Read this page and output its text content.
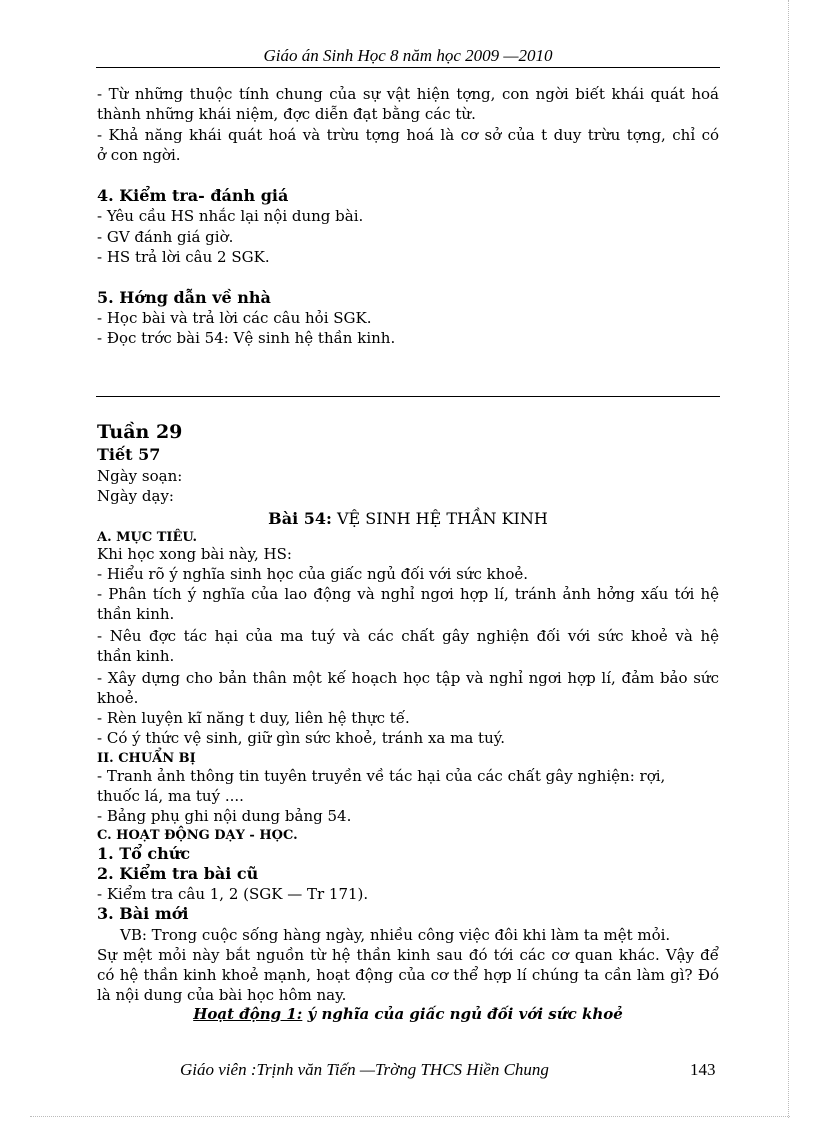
Giáo án Sinh Học 8 năm học 2009 —2010
- Từ những thuộc tính chung của sự vật hiện tợng, con ngời biết khái quát hoá
thành những khái niệm, đợc diễn đạt bằng các từ.
- Khả năng khái quát hoá và trừu tợng hoá là cơ sở của t duy trừu tợng, chỉ có
ở con ngời.
4. Kiểm tra- đánh giá
- Yêu cầu HS nhắc lại nội dung bài.
- GV đánh giá giờ.
- HS trả lời câu 2 SGK.
5. Hớng dẫn về nhà
- Học bài và trả lời các câu hỏi SGK.
- Đọc trớc bài 54: Vệ sinh hệ thần kinh.
Tuần 29
Tiết 57
Ngày soạn:
Ngày dạy:
Bài 54: VỆ SINH HỆ THẦN KINH
A. MỤC TIÊU.
Khi học xong bài này, HS:
- Hiểu rõ ý nghĩa sinh học của giấc ngủ đối với sức khoẻ.
- Phân tích ý nghĩa của lao động và nghỉ ngơi hợp lí, tránh ảnh hởng xấu tới hệ
thần kinh.
- Nêu đợc tác hại của ma tuý và các chất gây nghiện đối với sức khoẻ và hệ
thần kinh.
- Xây dựng cho bản thân một kế hoạch học tập và nghỉ ngơi hợp lí, đảm bảo sức
khoẻ.
- Rèn luyện kĩ năng t duy, liên hệ thực tế.
- Có ý thức vệ sinh, giữ gìn sức khoẻ, tránh xa ma tuý.
II. CHUẨN BỊ
- Tranh ảnh thông tin tuyên truyền về tác hại của các chất gây nghiện: rợi,
thuốc lá, ma tuý ....
- Bảng phụ ghi nội dung bảng 54.
C. HOẠT ĐỘNG DẠY - HỌC.
1. Tổ chức
2. Kiểm tra bài cũ
- Kiểm tra câu 1, 2 (SGK — Tr 171).
3. Bài mới
VB: Trong cuộc sống hàng ngày, nhiều công việc đôi khi làm ta mệt mỏi.
Sự mệt mỏi này bắt nguồn từ hệ thần kinh sau đó tới các cơ quan khác. Vậy để
có hệ thần kinh khoẻ mạnh, hoạt động của cơ thể hợp lí chúng ta cần làm gì? Đó
là nội dung của bài học hôm nay.
Hoạt động 1: ý nghĩa của giấc ngủ đối với sức khoẻ
Giáo viên :Trịnh văn Tiến —Trờng THCS Hiền Chung	143
